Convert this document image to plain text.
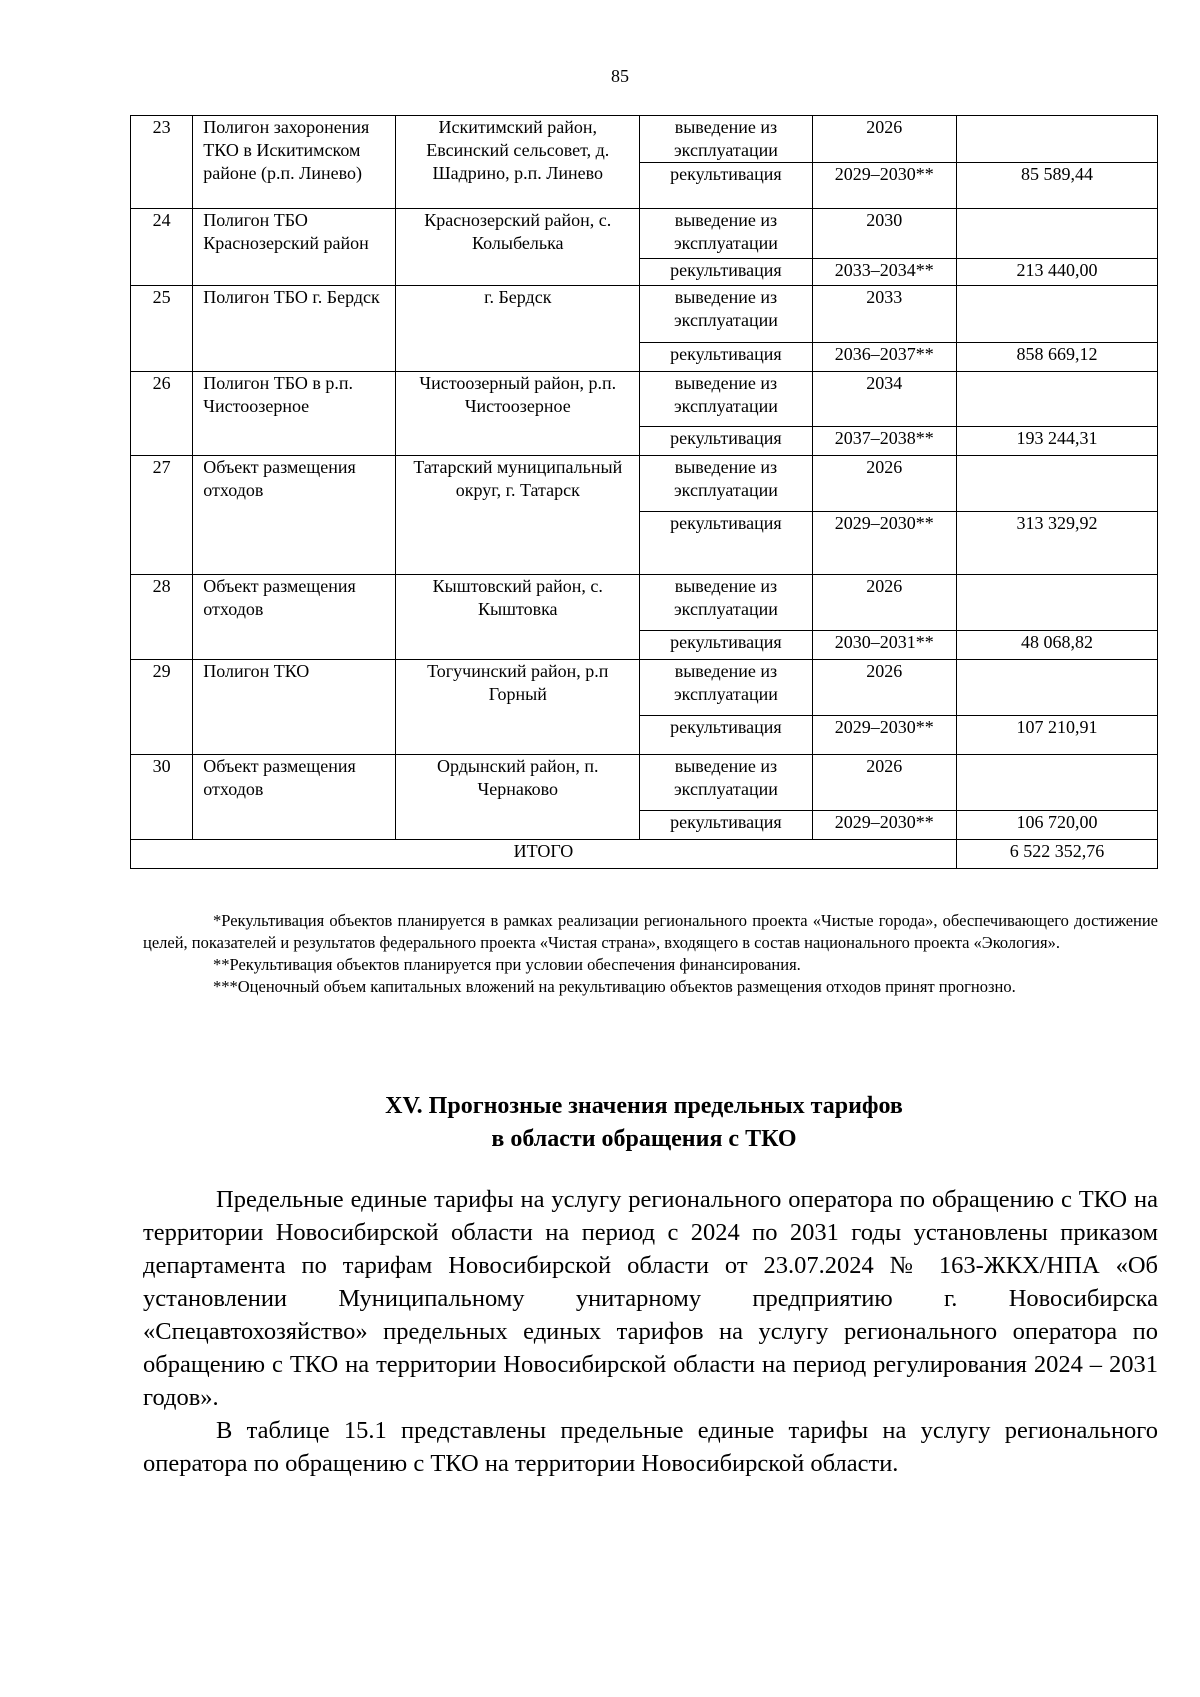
85
23	Полигон захоронения ТКО в Искитимском районе (р.п. Линево)	Искитимский район, Евсинский сельсовет, д. Шадрино, р.п. Линево	выведение из эксплуатации	2026	
			рекультивация	2029–2030**	85 589,44
24	Полигон ТБО Краснозерский район	Краснозерский район, с. Колыбелька	выведение из эксплуатации	2030	
			рекультивация	2033–2034**	213 440,00
25	Полигон ТБО г. Бердск	г. Бердск	выведение из эксплуатации	2033	
			рекультивация	2036–2037**	858 669,12
26	Полигон ТБО в р.п. Чистоозерное	Чистоозерный район, р.п. Чистоозерное	выведение из эксплуатации	2034	
			рекультивация	2037–2038**	193 244,31
27	Объект размещения отходов	Татарский муниципальный округ, г. Татарск	выведение из эксплуатации	2026	
			рекультивация	2029–2030**	313 329,92
28	Объект размещения отходов	Кыштовский район, с. Кыштовка	выведение из эксплуатации	2026	
			рекультивация	2030–2031**	48 068,82
29	Полигон ТКО	Тогучинский район, р.п Горный	выведение из эксплуатации	2026	
			рекультивация	2029–2030**	107 210,91
30	Объект размещения отходов	Ордынский район, п. Чернаково	выведение из эксплуатации	2026	
			рекультивация	2029–2030**	106 720,00
ИТОГО					6 522 352,76

*Рекультивация объектов планируется в рамках реализации регионального проекта «Чистые города», обеспечивающего достижение целей, показателей и результатов федерального проекта «Чистая страна», входящего в состав национального проекта «Экология».

**Рекультивация объектов планируется при условии обеспечения финансирования.

***Оценочный объем капитальных вложений на рекультивацию объектов размещения отходов принят прогнозно.

XV. Прогнозные значения предельных тарифов
в области обращения с ТКО

Предельные единые тарифы на услугу регионального оператора по обращению с ТКО на территории Новосибирской области на период с 2024 по 2031 годы установлены приказом департамента по тарифам Новосибирской области от 23.07.2024 № 163-ЖКХ/НПА «Об установлении Муниципальному унитарному предприятию г. Новосибирска «Спецавтохозяйство» предельных единых тарифов на услугу регионального оператора по обращению с ТКО на территории Новосибирской области на период регулирования 2024 – 2031 годов».

В таблице 15.1 представлены предельные единые тарифы на услугу регионального оператора по обращению с ТКО на территории Новосибирской области.
